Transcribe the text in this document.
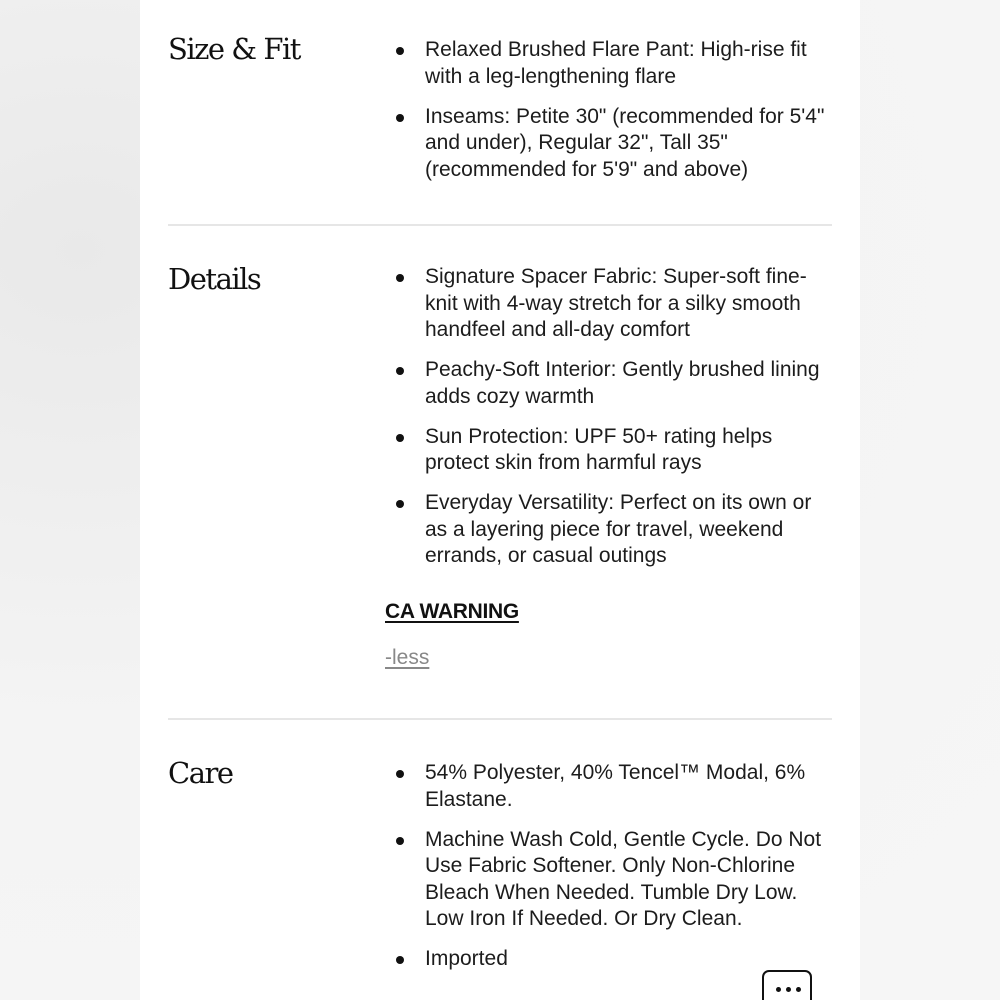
Size & Fit	Relaxed Brushed Flare Pant: High-rise fit with a leg-lengthening flare
Inseams: Petite 30" (recommended for 5'4" and under), Regular 32", Tall 35" (recommended for 5'9" and above)
Details	Signature Spacer Fabric: Super-soft fine-knit with 4-way stretch for a silky smooth handfeel and all-day comfort
Peachy-Soft Interior: Gently brushed lining adds cozy warmth
Sun Protection: UPF 50+ rating helps protect skin from harmful rays
Everyday Versatility: Perfect on its own or as a layering piece for travel, weekend errands, or casual outings
CA WARNING
-less
Care	54% Polyester, 40% Tencel™ Modal, 6% Elastane.
Machine Wash Cold, Gentle Cycle. Do Not Use Fabric Softener. Only Non-Chlorine Bleach When Needed. Tumble Dry Low. Low Iron If Needed. Or Dry Clean.
Imported
